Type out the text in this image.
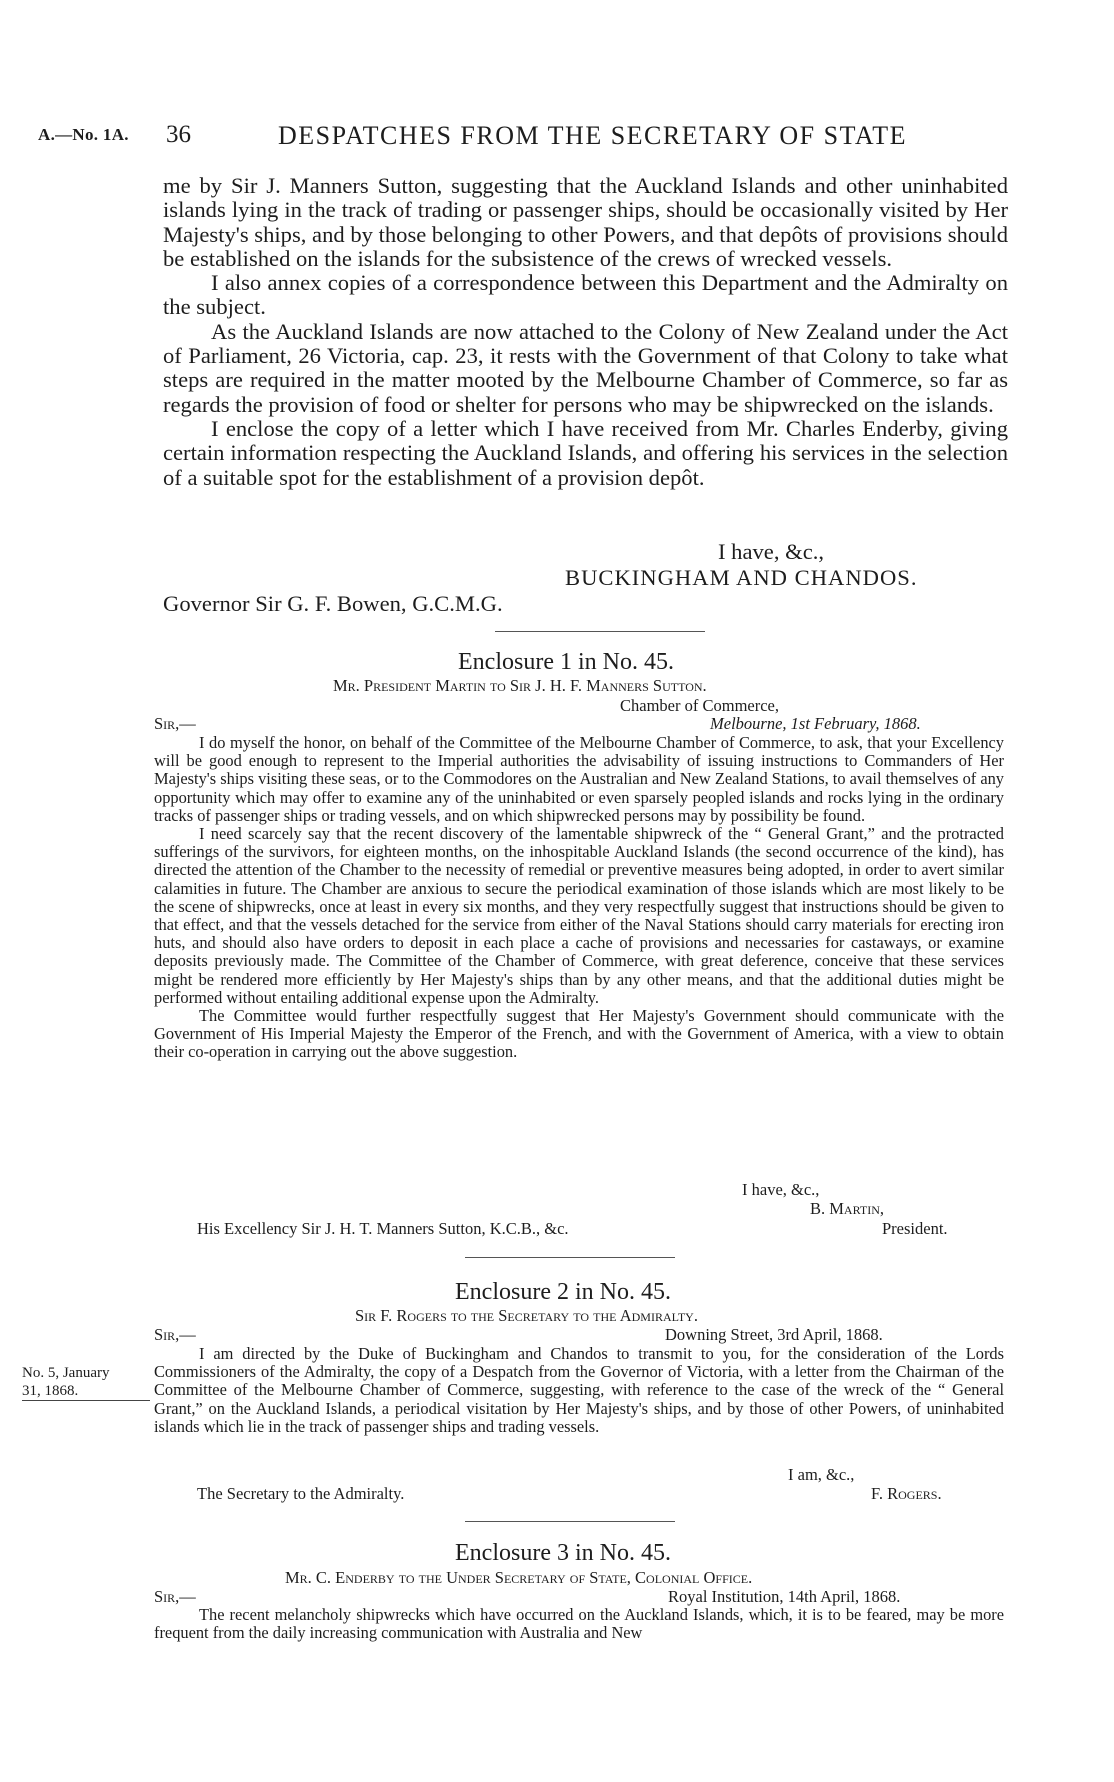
A.—No. 1A. 36	DESPATCHES FROM THE SECRETARY OF STATE

me by Sir J. Manners Sutton, suggesting that the Auckland Islands and other uninhabited islands lying in the track of trading or passenger ships, should be occasionally visited by Her Majesty's ships, and by those belonging to other Powers, and that depôts of provisions should be established on the islands for the subsistence of the crews of wrecked vessels.

I also annex copies of a correspondence between this Department and the Admiralty on the subject.

As the Auckland Islands are now attached to the Colony of New Zealand under the Act of Parliament, 26 Victoria, cap. 23, it rests with the Government of that Colony to take what steps are required in the matter mooted by the Melbourne Chamber of Commerce, so far as regards the provision of food or shelter for persons who may be shipwrecked on the islands.

I enclose the copy of a letter which I have received from Mr. Charles Enderby, giving certain information respecting the Auckland Islands, and offering his services in the selection of a suitable spot for the establishment of a provision depôt.

I have, &c.,
BUCKINGHAM AND CHANDOS.
Governor Sir G. F. Bowen, G.C.M.G.
Enclosure 1 in No. 45.
Mr. President Martin to Sir J. H. F. Manners Sutton.
Chamber of Commerce,
Sir,—	Melbourne, 1st February, 1868.

I do myself the honor, on behalf of the Committee of the Melbourne Chamber of Commerce, to ask, that your Excellency will be good enough to represent to the Imperial authorities the advisability of issuing instructions to Commanders of Her Majesty's ships visiting these seas, or to the Commodores on the Australian and New Zealand Stations, to avail themselves of any opportunity which may offer to examine any of the uninhabited or even sparsely peopled islands and rocks lying in the ordinary tracks of passenger ships or trading vessels, and on which shipwrecked persons may by possibility be found.

I need scarcely say that the recent discovery of the lamentable shipwreck of the “ General Grant,” and the protracted sufferings of the survivors, for eighteen months, on the inhospitable Auckland Islands (the second occurrence of the kind), has directed the attention of the Chamber to the necessity of remedial or preventive measures being adopted, in order to avert similar calamities in future. The Chamber are anxious to secure the periodical examination of those islands which are most likely to be the scene of shipwrecks, once at least in every six months, and they very respectfully suggest that instructions should be given to that effect, and that the vessels detached for the service from either of the Naval Stations should carry materials for erecting iron huts, and should also have orders to deposit in each place a cache of provisions and necessaries for castaways, or examine deposits previously made. The Committee of the Chamber of Commerce, with great deference, conceive that these services might be rendered more efficiently by Her Majesty's ships than by any other means, and that the additional duties might be performed without entailing additional expense upon the Admiralty.

The Committee would further respectfully suggest that Her Majesty's Government should communicate with the Government of His Imperial Majesty the Emperor of the French, and with the Government of America, with a view to obtain their co-operation in carrying out the above suggestion.

I have, &c.,
B. Martin,
His Excellency Sir J. H. T. Manners Sutton, K.C.B., &c.	President.
Enclosure 2 in No. 45.
Sir F. Rogers to the Secretary to the Admiralty.
Sir,—	Downing Street, 3rd April, 1868.
No. 5, January
31, 1868.

I am directed by the Duke of Buckingham and Chandos to transmit to you, for the consideration of the Lords Commissioners of the Admiralty, the copy of a Despatch from the Governor of Victoria, with a letter from the Chairman of the Committee of the Melbourne Chamber of Commerce, suggesting, with reference to the case of the wreck of the “ General Grant,” on the Auckland Islands, a periodical visitation by Her Majesty's ships, and by those of other Powers, of uninhabited islands which lie in the track of passenger ships and trading vessels.

I am, &c.,
The Secretary to the Admiralty.	F. Rogers.
Enclosure 3 in No. 45.
Mr. C. Enderby to the Under Secretary of State, Colonial Office.
Sir,—	Royal Institution, 14th April, 1868.

The recent melancholy shipwrecks which have occurred on the Auckland Islands, which, it is to be feared, may be more frequent from the daily increasing communication with Australia and New
